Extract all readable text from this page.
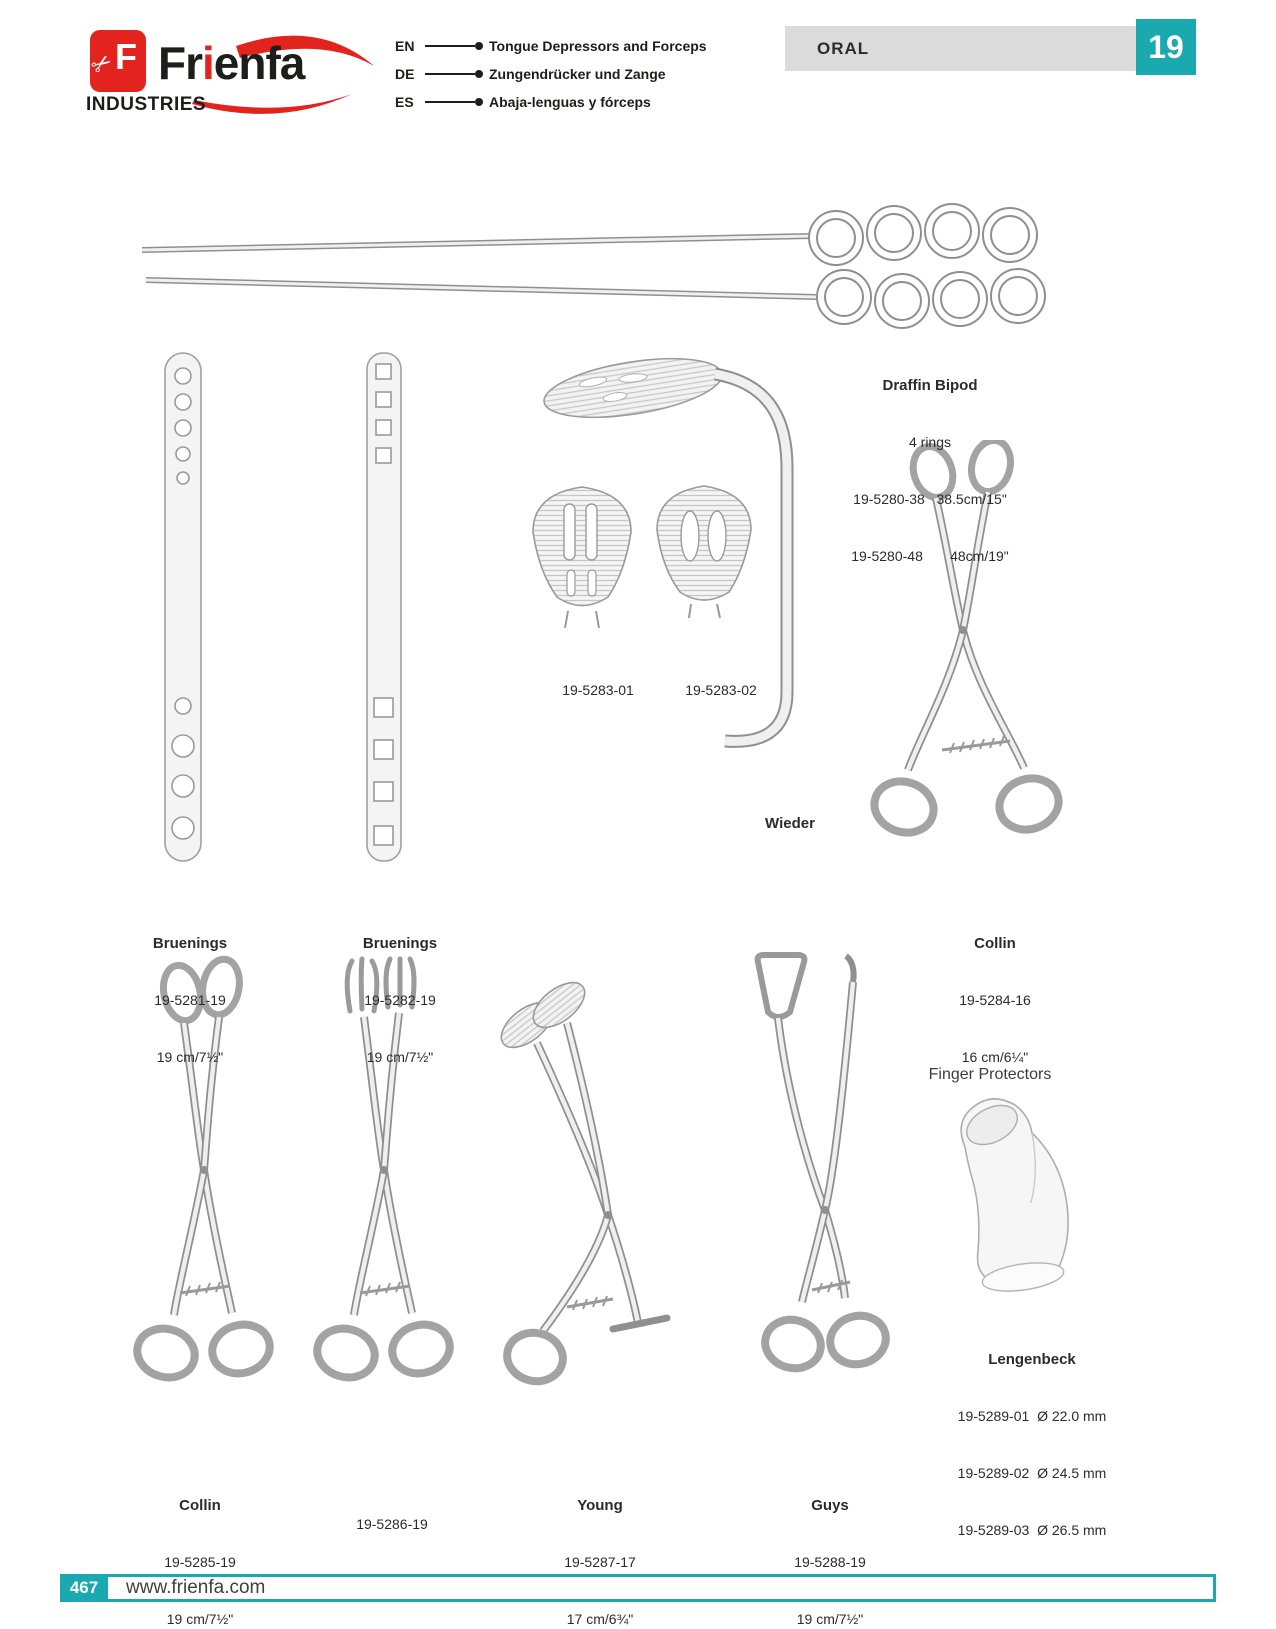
✂
F Frienfa
INDUSTRIES
EN	Tongue Depressors and Forceps
DE	Zungendrücker und Zange
ES	Abaja-lenguas y fórceps
ORAL	19

Draffin Bipod

4 rings

19-5280-38   38.5cm/15"

19-5280-48       48cm/19"

Bruenings

19-5281-19

19 cm/7½"

Bruenings

19-5282-19

19 cm/7½"

19-5283-01

	19-5283-02

Wieder

Collin

19-5284-16

16 cm/6¼"

Finger Protectors

Lengenbeck

19-5289-01  Ø 22.0 mm

19-5289-02  Ø 24.5 mm

19-5289-03  Ø 26.5 mm

Collin

19-5285-19

19 cm/7½"

19-5286-19

Young

19-5287-17

17 cm/6¾"

Guys

19-5288-19

19 cm/7½"

467	www.frienfa.com
